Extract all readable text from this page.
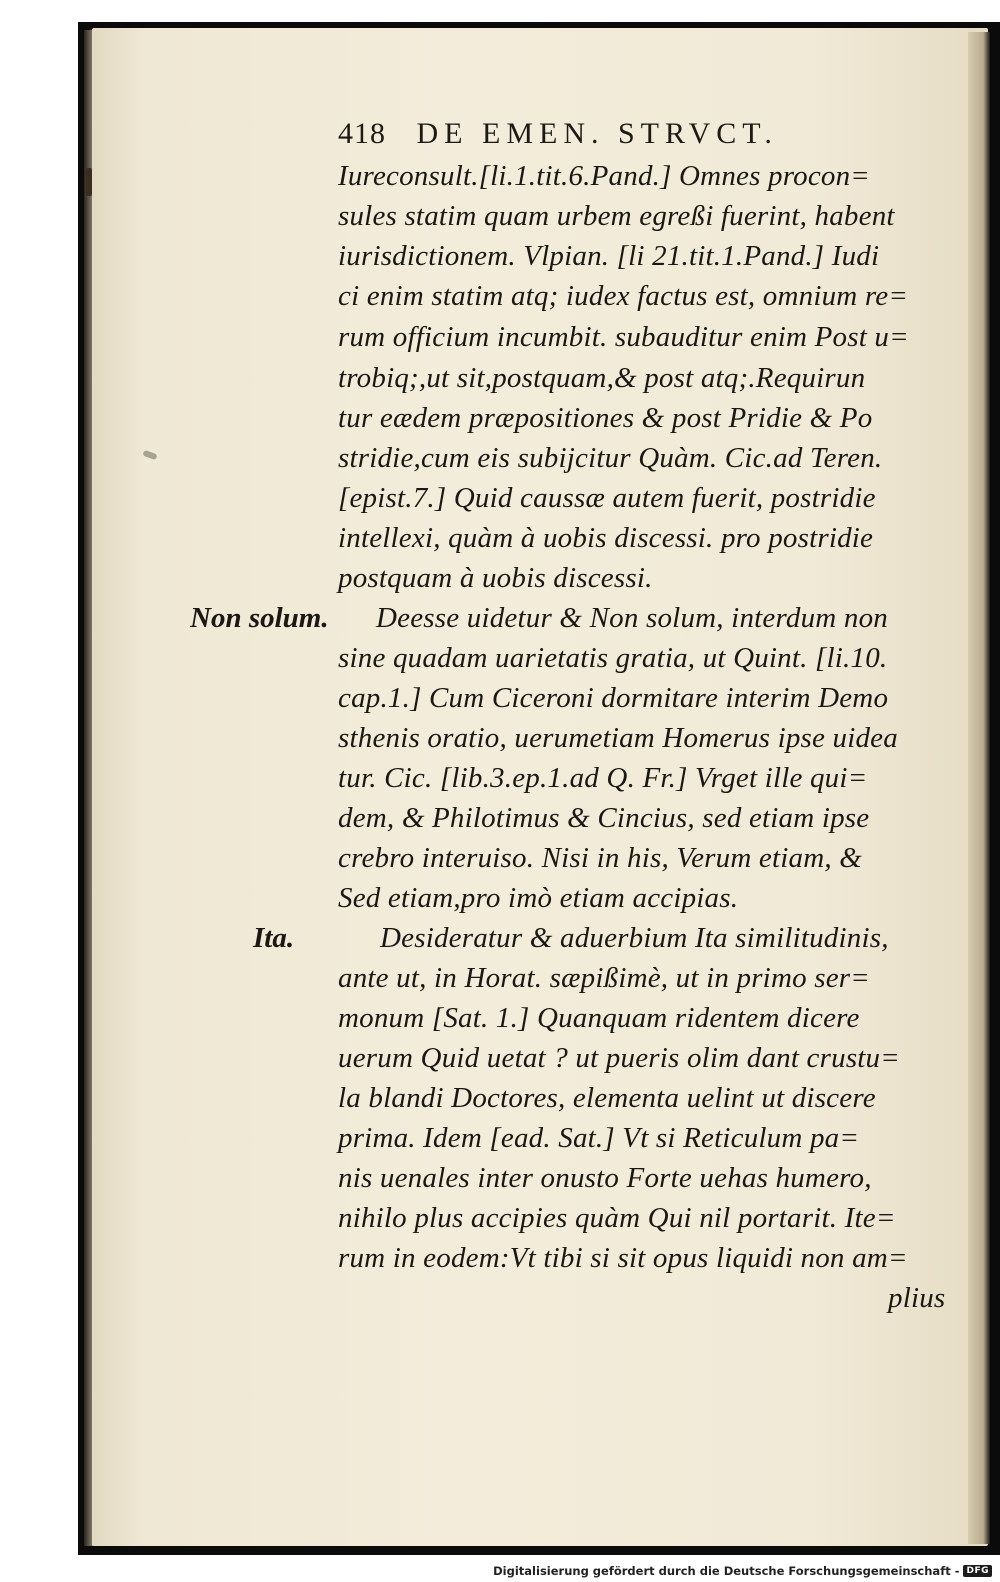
418 DE EMEN. STRVCT.
Iureconsult.[li.1.tit.6.Pand.] Omnes procon=
sules statim quam urbem egreßi fuerint, habent
iurisdictionem. Vlpian. [li 21.tit.1.Pand.] Iudi
ci enim statim atq; iudex factus est, omnium re=
rum officium incumbit. subauditur enim Post u=
trobiq;,ut sit,postquam,& post atq;.Requirun
tur eædem præpositiones & post Pridie & Po
stridie,cum eis subijcitur Quàm. Cic.ad Teren.
[epist.7.] Quid caussæ autem fuerit, postridie
intellexi, quàm à uobis discessi. pro postridie
postquam à uobis discessi.
Deesse uidetur & Non solum, interdum non
sine quadam uarietatis gratia, ut Quint. [li.10.
cap.1.] Cum Ciceroni dormitare interim Demo
sthenis oratio, uerumetiam Homerus ipse uidea
tur. Cic. [lib.3.ep.1.ad Q. Fr.] Vrget ille qui=
dem, & Philotimus & Cincius, sed etiam ipse
crebro interuiso. Nisi in his, Verum etiam, &
Sed etiam,pro imò etiam accipias.
Desideratur & aduerbium Ita similitudinis,
ante ut, in Horat. sæpißimè, ut in primo ser=
monum [Sat. 1.] Quanquam ridentem dicere
uerum Quid uetat ? ut pueris olim dant crustu=
la blandi Doctores, elementa uelint ut discere
prima. Idem [ead. Sat.] Vt si Reticulum pa=
nis uenales inter onusto Forte uehas humero,
nihilo plus accipies quàm Qui nil portarit. Ite=
rum in eodem:Vt tibi si sit opus liquidi non am=
plius
Non solum.
Ita.
Digitalisierung gefördert durch die Deutsche Forschungsgemeinschaft - DFG
